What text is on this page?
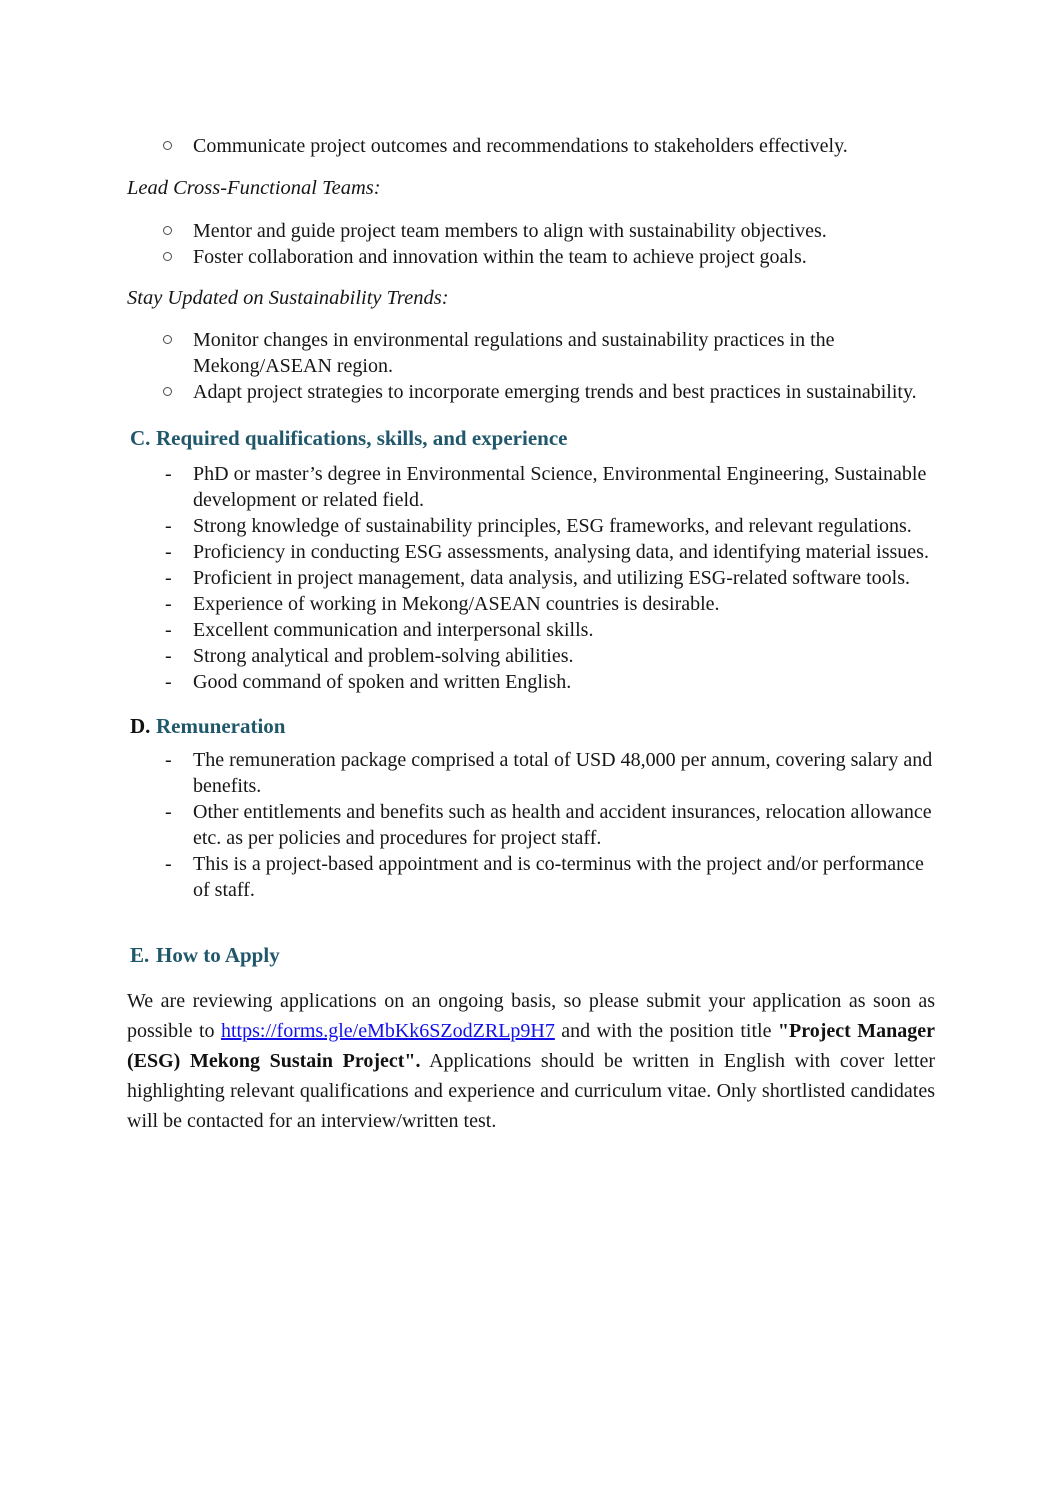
Communicate project outcomes and recommendations to stakeholders effectively.
Lead Cross-Functional Teams:
Mentor and guide project team members to align with sustainability objectives.
Foster collaboration and innovation within the team to achieve project goals.
Stay Updated on Sustainability Trends:
Monitor changes in environmental regulations and sustainability practices in the Mekong/ASEAN region.
Adapt project strategies to incorporate emerging trends and best practices in sustainability.
C. Required qualifications, skills, and experience
- PhD or master’s degree in Environmental Science, Environmental Engineering, Sustainable development or related field.
- Strong knowledge of sustainability principles, ESG frameworks, and relevant regulations.
- Proficiency in conducting ESG assessments, analysing data, and identifying material issues.
- Proficient in project management, data analysis, and utilizing ESG-related software tools.
- Experience of working in Mekong/ASEAN countries is desirable.
- Excellent communication and interpersonal skills.
- Strong analytical and problem-solving abilities.
- Good command of spoken and written English.
D. Remuneration
- The remuneration package comprised a total of USD 48,000 per annum, covering salary and benefits.
- Other entitlements and benefits such as health and accident insurances, relocation allowance etc. as per policies and procedures for project staff.
- This is a project-based appointment and is co-terminus with the project and/or performance of staff.
E. How to Apply

We are reviewing applications on an ongoing basis, so please submit your application as soon as possible to https://forms.gle/eMbKk6SZodZRLp9H7 and with the position title "Project Manager (ESG) Mekong Sustain Project". Applications should be written in English with cover letter highlighting relevant qualifications and experience and curriculum vitae. Only shortlisted candidates will be contacted for an interview/written test.
